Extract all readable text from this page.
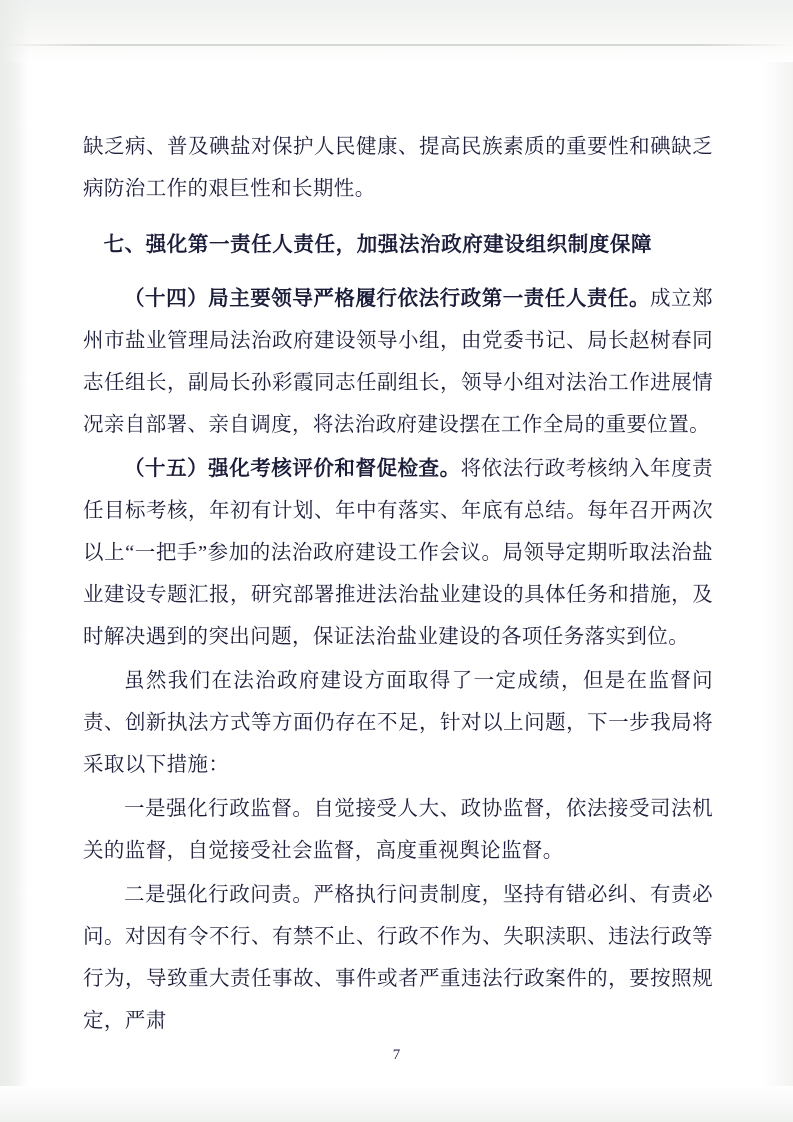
缺乏病、普及碘盐对保护人民健康、提高民族素质的重要性和碘缺乏病防治工作的艰巨性和长期性。

七、强化第一责任人责任，加强法治政府建设组织制度保障

（十四）局主要领导严格履行依法行政第一责任人责任。成立郑州市盐业管理局法治政府建设领导小组，由党委书记、局长赵树春同志任组长，副局长孙彩霞同志任副组长，领导小组对法治工作进展情况亲自部署、亲自调度，将法治政府建设摆在工作全局的重要位置。

（十五）强化考核评价和督促检查。将依法行政考核纳入年度责任目标考核，年初有计划、年中有落实、年底有总结。每年召开两次以上“一把手”参加的法治政府建设工作会议。局领导定期听取法治盐业建设专题汇报，研究部署推进法治盐业建设的具体任务和措施，及时解决遇到的突出问题，保证法治盐业建设的各项任务落实到位。

虽然我们在法治政府建设方面取得了一定成绩，但是在监督问责、创新执法方式等方面仍存在不足，针对以上问题，下一步我局将采取以下措施：

一是强化行政监督。自觉接受人大、政协监督，依法接受司法机关的监督，自觉接受社会监督，高度重视舆论监督。

二是强化行政问责。严格执行问责制度，坚持有错必纠、有责必问。对因有令不行、有禁不止、行政不作为、失职渎职、违法行政等行为，导致重大责任事故、事件或者严重违法行政案件的，要按照规定，严肃

7
